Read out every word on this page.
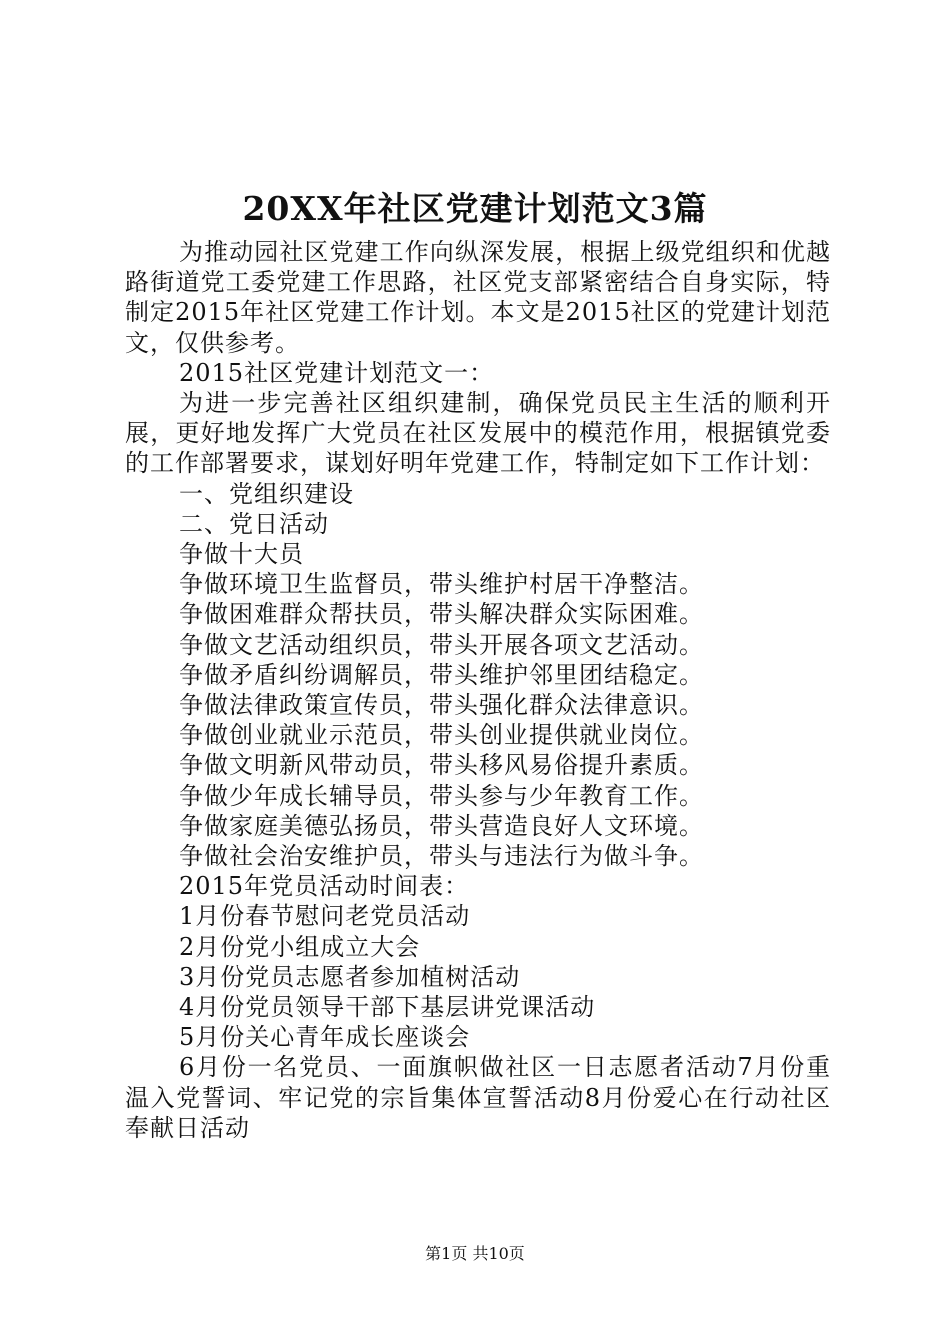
20XX年社区党建计划范文3篇

为推动园社区党建工作向纵深发展，根据上级党组织和优越路街道党工委党建工作思路，社区党支部紧密结合自身实际，特制定2015年社区党建工作计划。本文是2015社区的党建计划范文，仅供参考。

2015社区党建计划范文一：

为进一步完善社区组织建制，确保党员民主生活的顺利开展，更好地发挥广大党员在社区发展中的模范作用，根据镇党委的工作部署要求，谋划好明年党建工作，特制定如下工作计划：

一、党组织建设

二、党日活动

争做十大员

争做环境卫生监督员，带头维护村居干净整洁。

争做困难群众帮扶员，带头解决群众实际困难。

争做文艺活动组织员，带头开展各项文艺活动。

争做矛盾纠纷调解员，带头维护邻里团结稳定。

争做法律政策宣传员，带头强化群众法律意识。

争做创业就业示范员，带头创业提供就业岗位。

争做文明新风带动员，带头移风易俗提升素质。

争做少年成长辅导员，带头参与少年教育工作。

争做家庭美德弘扬员，带头营造良好人文环境。

争做社会治安维护员，带头与违法行为做斗争。

2015年党员活动时间表：

1月份春节慰问老党员活动

2月份党小组成立大会

3月份党员志愿者参加植树活动

4月份党员领导干部下基层讲党课活动

5月份关心青年成长座谈会

6月份一名党员、一面旗帜做社区一日志愿者活动7月份重温入党誓词、牢记党的宗旨集体宣誓活动8月份爱心在行动社区奉献日活动

第1页 共10页
